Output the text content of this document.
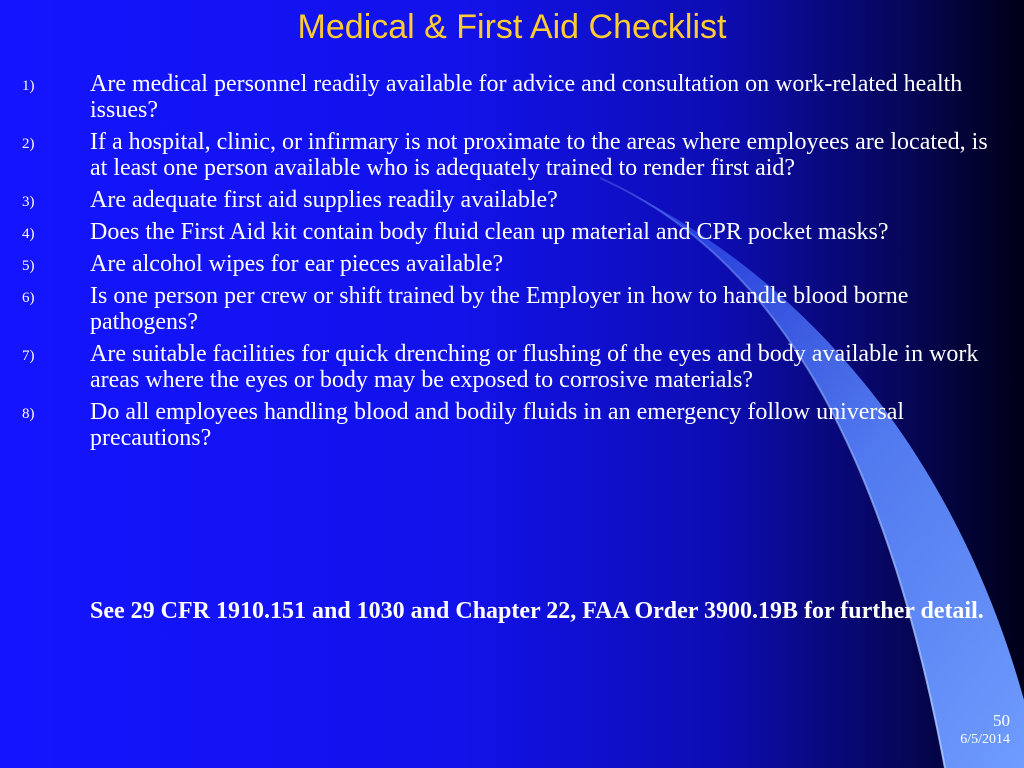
Medical & First Aid Checklist
1) Are medical personnel readily available for advice and consultation on work-related health issues?
2) If a hospital, clinic, or infirmary is not proximate to the areas where employees are located, is at least one person available who is adequately trained to render first aid?
3) Are adequate first aid supplies readily available?
4) Does the First Aid kit contain body fluid clean up material and CPR pocket masks?
5) Are alcohol wipes for ear pieces available?
6) Is one person per crew or shift trained by the Employer in how to handle blood borne pathogens?
7) Are suitable facilities for quick drenching or flushing of the eyes and body available in work areas where the eyes or body may be exposed to corrosive materials?
8) Do all employees handling blood and bodily fluids in an emergency follow universal precautions?

See 29 CFR 1910.151 and 1030 and Chapter 22, FAA Order 3900.19B for further detail.

50
6/5/2014
